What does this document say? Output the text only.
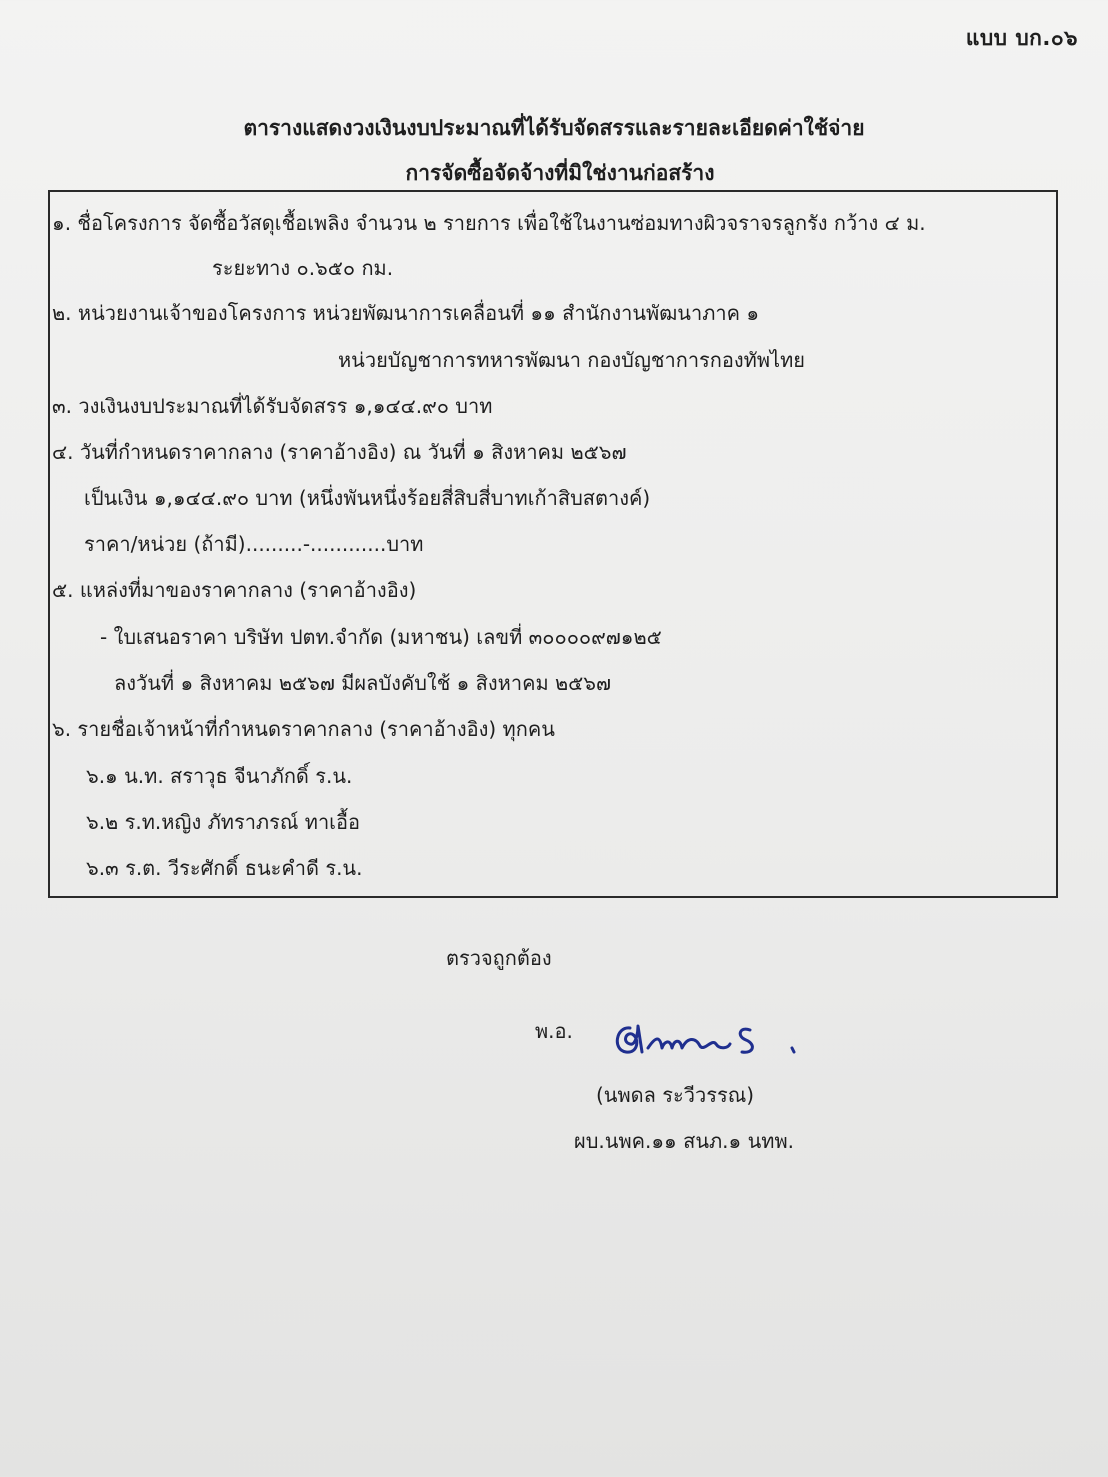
แบบ บก.๐๖
ตารางแสดงวงเงินงบประมาณที่ได้รับจัดสรรและรายละเอียดค่าใช้จ่าย
การจัดซื้อจัดจ้างที่มิใช่งานก่อสร้าง
๑. ชื่อโครงการ จัดซื้อวัสดุเชื้อเพลิง จำนวน ๒ รายการ เพื่อใช้ในงานซ่อมทางผิวจราจรลูกรัง กว้าง ๔ ม.
ระยะทาง ๐.๖๕๐ กม.
๒. หน่วยงานเจ้าของโครงการ หน่วยพัฒนาการเคลื่อนที่ ๑๑ สำนักงานพัฒนาภาค ๑
หน่วยบัญชาการทหารพัฒนา กองบัญชาการกองทัพไทย
๓. วงเงินงบประมาณที่ได้รับจัดสรร ๑,๑๔๔.๙๐ บาท
๔. วันที่กำหนดราคากลาง (ราคาอ้างอิง) ณ วันที่ ๑ สิงหาคม ๒๕๖๗
เป็นเงิน ๑,๑๔๔.๙๐ บาท (หนึ่งพันหนึ่งร้อยสี่สิบสี่บาทเก้าสิบสตางค์)
ราคา/หน่วย (ถ้ามี).........-............บาท
๕. แหล่งที่มาของราคากลาง (ราคาอ้างอิง)
- ใบเสนอราคา บริษัท ปตท.จำกัด (มหาชน) เลขที่ ๓๐๐๐๐๙๗๑๒๕
ลงวันที่ ๑ สิงหาคม ๒๕๖๗ มีผลบังคับใช้ ๑ สิงหาคม ๒๕๖๗
๖. รายชื่อเจ้าหน้าที่กำหนดราคากลาง (ราคาอ้างอิง) ทุกคน
๖.๑ น.ท. สราวุธ จีนาภักดิ์ ร.น.
๖.๒ ร.ท.หญิง ภัทราภรณ์ ทาเอื้อ
๖.๓ ร.ต. วีระศักดิ์ ธนะคำดี ร.น.
ตรวจถูกต้อง
พ.อ.
(นพดล ระวีวรรณ)
ผบ.นพค.๑๑ สนภ.๑ นทพ.
